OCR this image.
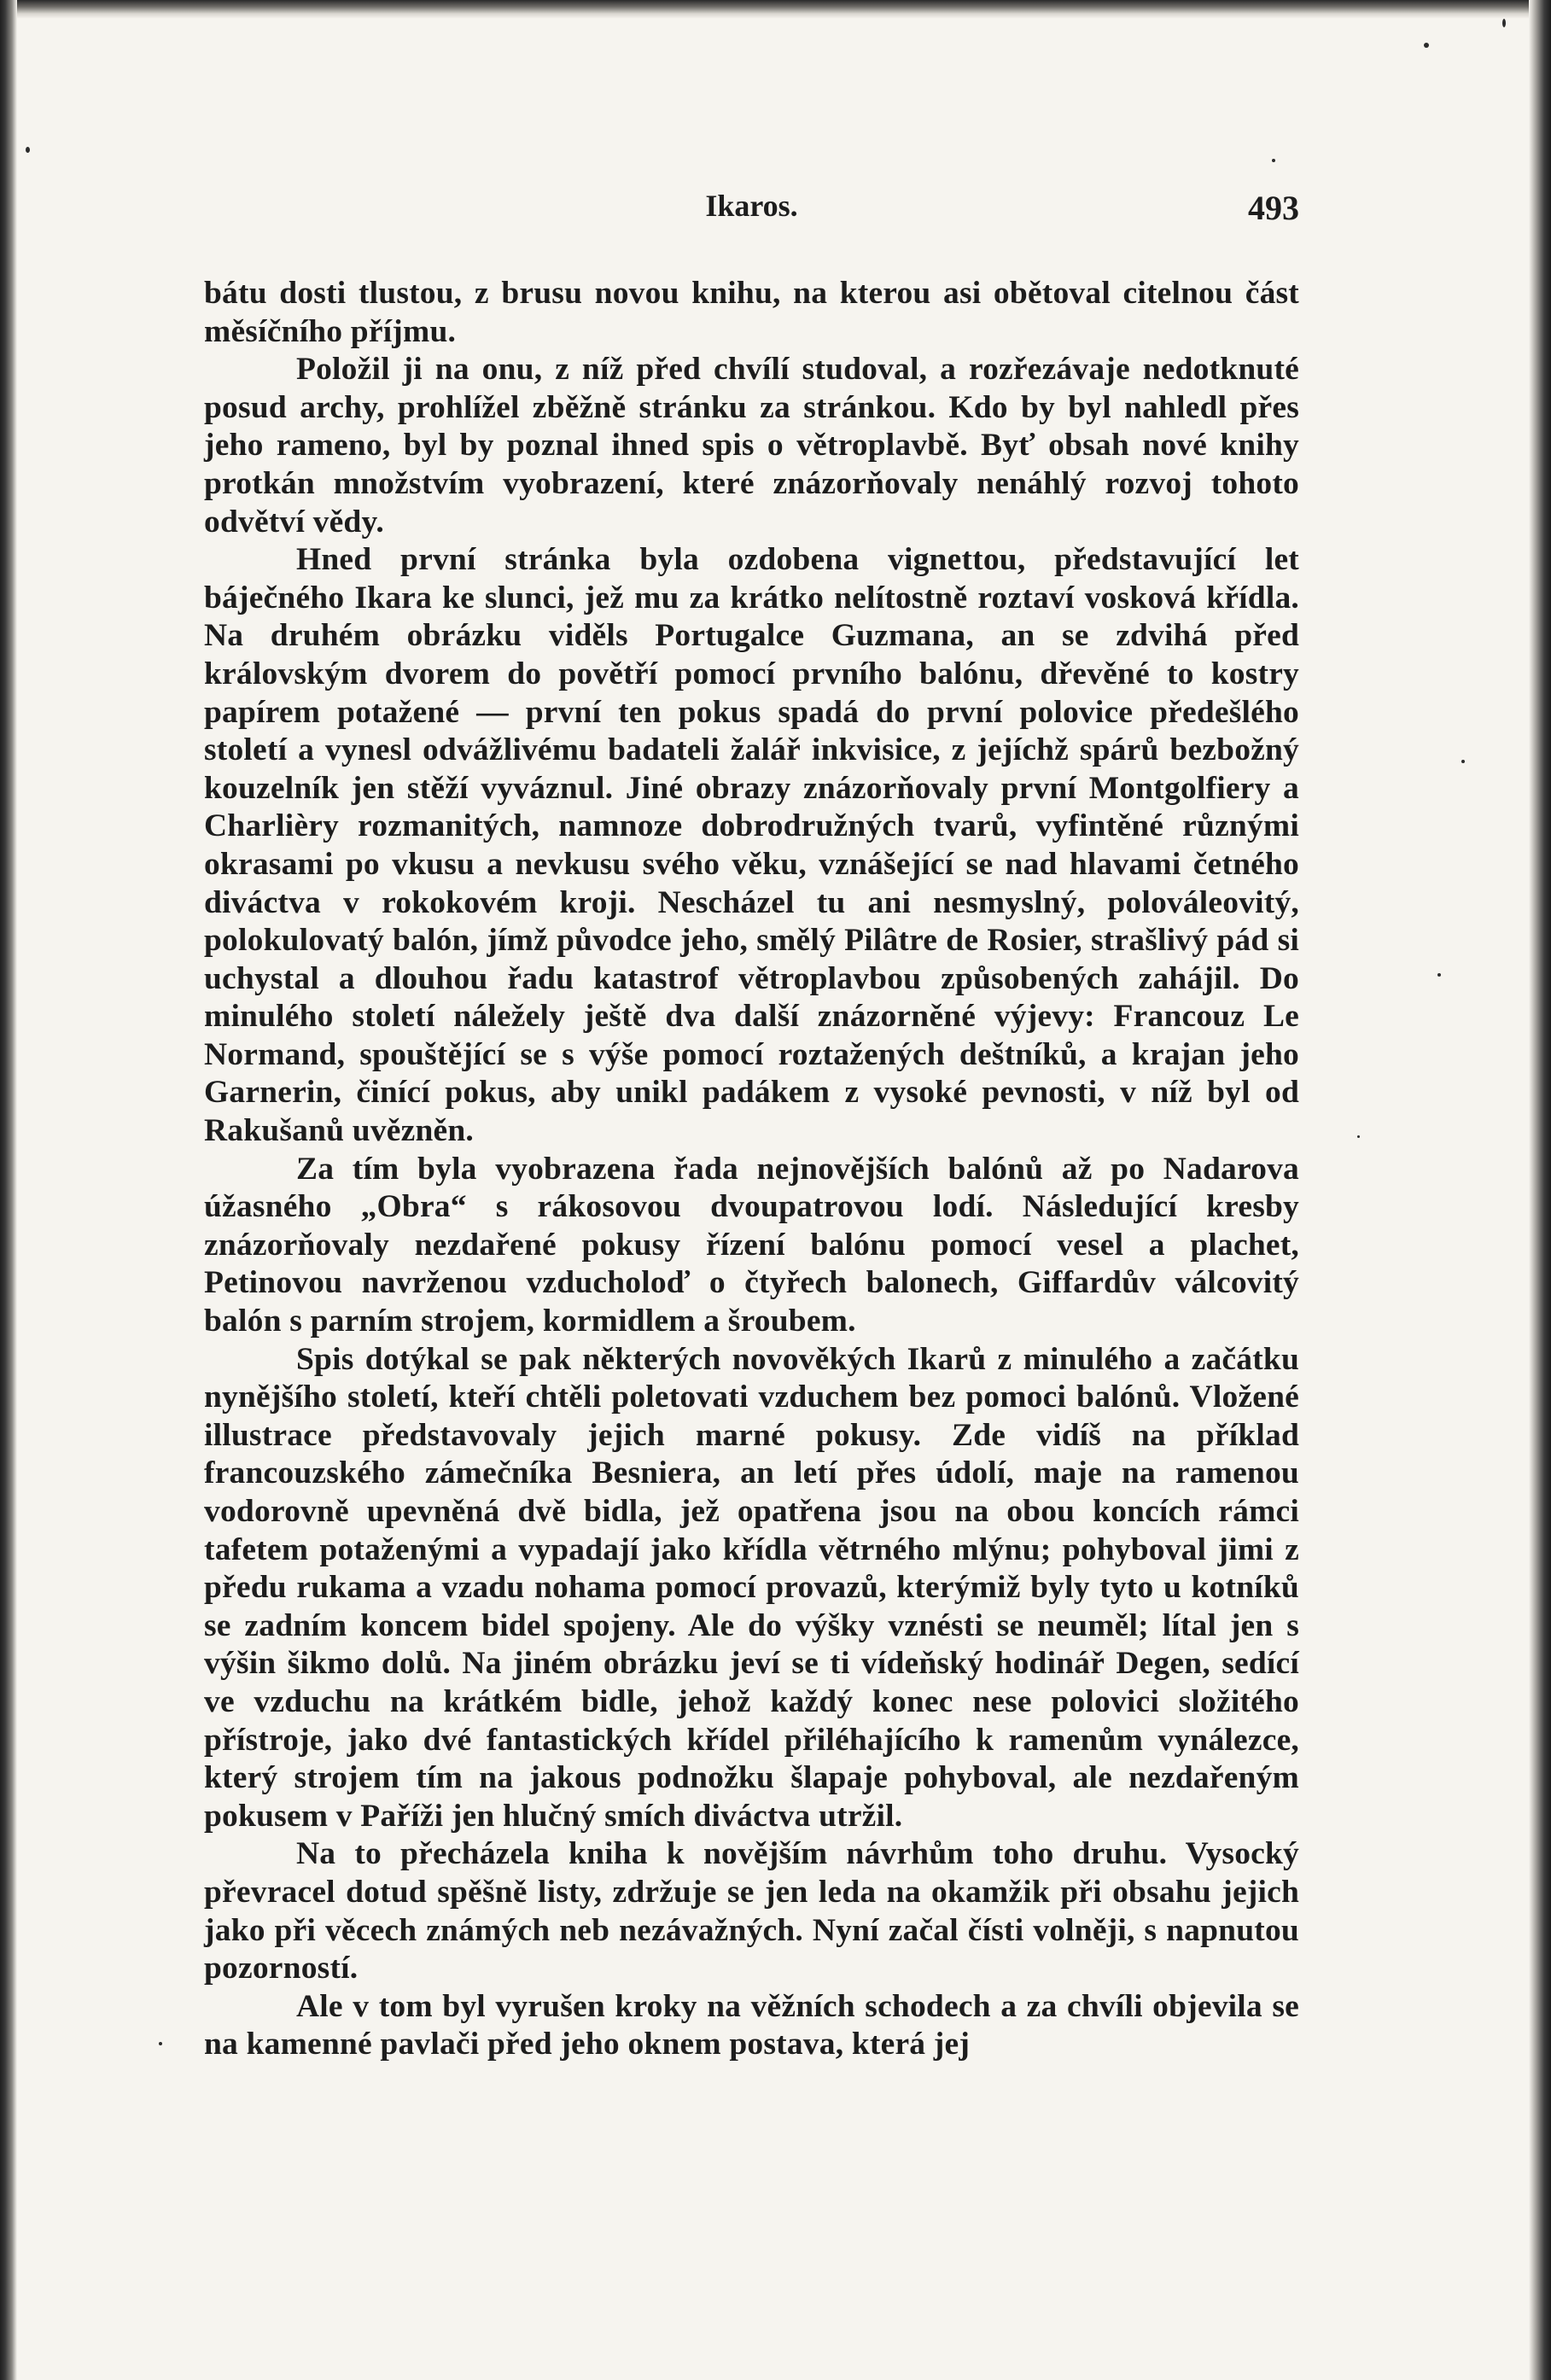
Ikaros.	493

bátu dosti tlustou, z brusu novou knihu, na kterou asi obětoval citelnou část měsíčního příjmu.

Položil ji na onu, z níž před chvílí studoval, a rozřezávaje nedotknuté posud archy, prohlížel zběžně stránku za stránkou. Kdo by byl nahledl přes jeho rameno, byl by poznal ihned spis o větroplavbě. Byť obsah nové knihy protkán množstvím vyobrazení, které znázorňovaly nenáhlý rozvoj tohoto odvětví vědy.

Hned první stránka byla ozdobena vignettou, představující let báječného Ikara ke slunci, jež mu za krátko nelítostně roztaví vosková křídla. Na druhém obrázku viděls Portugalce Guzmana, an se zdvihá před královským dvorem do povětří pomocí prvního balónu, dřevěné to kostry papírem potažené — první ten pokus spadá do první polovice předešlého století a vynesl odvážlivému badateli žalář inkvisice, z jejíchž spárů bezbožný kouzelník jen stěží vyváznul. Jiné obrazy znázorňovaly první Montgolfiery a Charlièry rozmanitých, namnoze dobrodružných tvarů, vyfintěné různými okrasami po vkusu a nevkusu svého věku, vznášející se nad hlavami četného diváctva v rokokovém kroji. Nescházel tu ani nesmyslný, polováleovitý, polokulovatý balón, jímž původce jeho, smělý Pilâtre de Rosier, strašlivý pád si uchystal a dlouhou řadu katastrof větroplavbou způsobených zahájil. Do minulého století náležely ještě dva další znázorněné výjevy: Francouz Le Normand, spouštějící se s výše pomocí roztažených deštníků, a krajan jeho Garnerin, činící pokus, aby unikl padákem z vysoké pevnosti, v níž byl od Rakušanů uvězněn.

Za tím byla vyobrazena řada nejnovějších balónů až po Nadarova úžasného „Obra“ s rákosovou dvoupatrovou lodí. Následující kresby znázorňovaly nezdařené pokusy řízení balónu pomocí vesel a plachet, Petinovou navrženou vzducholoď o čtyřech balonech, Giffardův válcovitý balón s parním strojem, kormidlem a šroubem.

Spis dotýkal se pak některých novověkých Ikarů z minulého a začátku nynějšího století, kteří chtěli poletovati vzduchem bez pomoci balónů. Vložené illustrace představovaly jejich marné pokusy. Zde vidíš na příklad francouzského zámečníka Besniera, an letí přes údolí, maje na ramenou vodorovně upevněná dvě bidla, jež opatřena jsou na obou koncích rámci tafetem potaženými a vypadají jako křídla větrného mlýnu; pohyboval jimi z předu rukama a vzadu nohama pomocí provazů, kterýmiž byly tyto u kotníků se zadním koncem bidel spojeny. Ale do výšky vznésti se neuměl; lítal jen s výšin šikmo dolů. Na jiném obrázku jeví se ti vídeňský hodinář Degen, sedící ve vzduchu na krátkém bidle, jehož každý konec nese polovici složitého přístroje, jako dvé fantastických křídel přiléhajícího k ramenům vynálezce, který strojem tím na jakous podnožku šlapaje pohyboval, ale nezdařeným pokusem v Paříži jen hlučný smích diváctva utržil.

Na to přecházela kniha k novějším návrhům toho druhu. Vysocký převracel dotud spěšně listy, zdržuje se jen leda na okamžik při obsahu jejich jako při věcech známých neb nezávažných. Nyní začal čísti volněji, s napnutou pozorností.

Ale v tom byl vyrušen kroky na věžních schodech a za chvíli objevila se na kamenné pavlači před jeho oknem postava, která jej
